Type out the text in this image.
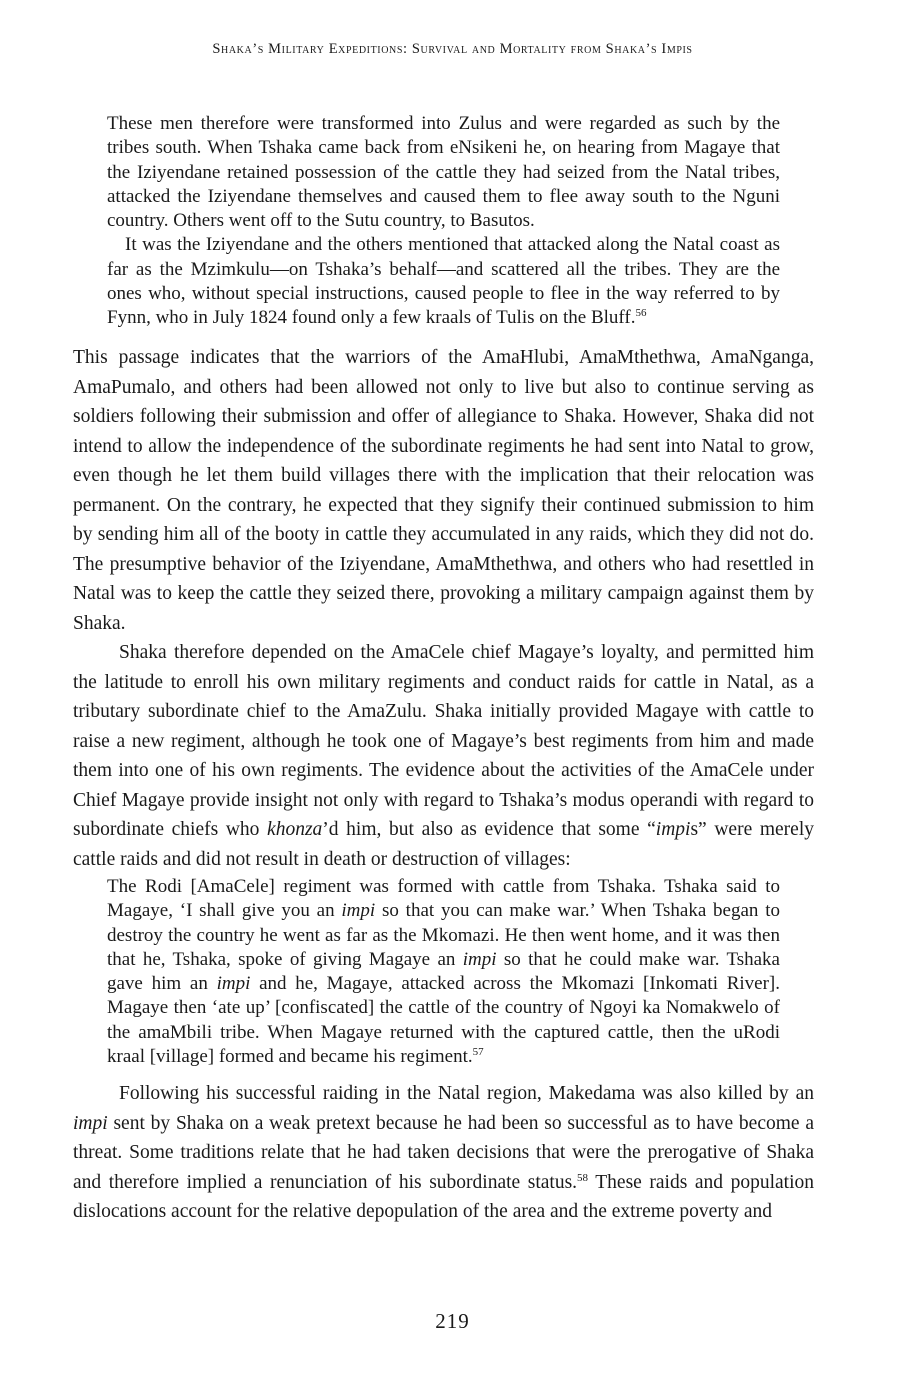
Shaka’s Military Expeditions: Survival and Mortality from Shaka’s Impis

These men therefore were transformed into Zulus and were regarded as such by the tribes south. When Tshaka came back from eNsikeni he, on hearing from Magaye that the Iziyendane retained possession of the cattle they had seized from the Natal tribes, attacked the Iziyendane themselves and caused them to flee away south to the Nguni country. Others went off to the Sutu country, to Basutos.

It was the Iziyendane and the others mentioned that attacked along the Natal coast as far as the Mzimkulu—on Tshaka’s behalf—and scattered all the tribes. They are the ones who, without special instructions, caused people to flee in the way referred to by Fynn, who in July 1824 found only a few kraals of Tulis on the Bluff.$^{56}$

This passage indicates that the warriors of the AmaHlubi, AmaMthethwa, AmaNganga, AmaPumalo, and others had been allowed not only to live but also to continue serving as soldiers following their submission and offer of allegiance to Shaka. However, Shaka did not intend to allow the independence of the subordinate regiments he had sent into Natal to grow, even though he let them build villages there with the implication that their relocation was permanent. On the contrary, he expected that they signify their continued submission to him by sending him all of the booty in cattle they accumulated in any raids, which they did not do. The presumptive behavior of the Iziyendane, AmaMthethwa, and others who had resettled in Natal was to keep the cattle they seized there, provoking a military campaign against them by Shaka.

Shaka therefore depended on the AmaCele chief Magaye’s loyalty, and permitted him the latitude to enroll his own military regiments and conduct raids for cattle in Natal, as a tributary subordinate chief to the AmaZulu. Shaka initially provided Magaye with cattle to raise a new regiment, although he took one of Magaye’s best regiments from him and made them into one of his own regiments. The evidence about the activities of the AmaCele under Chief Magaye provide insight not only with regard to Tshaka’s modus operandi with regard to subordinate chiefs who khonza’d him, but also as evidence that some “impis” were merely cattle raids and did not result in death or destruction of villages:

The Rodi [AmaCele] regiment was formed with cattle from Tshaka. Tshaka said to Magaye, ‘I shall give you an impi so that you can make war.’ When Tshaka began to destroy the country he went as far as the Mkomazi. He then went home, and it was then that he, Tshaka, spoke of giving Magaye an impi so that he could make war. Tshaka gave him an impi and he, Magaye, attacked across the Mkomazi [Inkomati River]. Magaye then ‘ate up’ [confiscated] the cattle of the country of Ngoyi ka Nomakwelo of the amaMbili tribe. When Magaye returned with the captured cattle, then the uRodi kraal [village] formed and became his regiment.$^{57}$

Following his successful raiding in the Natal region, Makedama was also killed by an impi sent by Shaka on a weak pretext because he had been so successful as to have become a threat. Some traditions relate that he had taken decisions that were the prerogative of Shaka and therefore implied a renunciation of his subordinate status.$^{58}$ These raids and population dislocations account for the relative depopulation of the area and the extreme poverty and

219
